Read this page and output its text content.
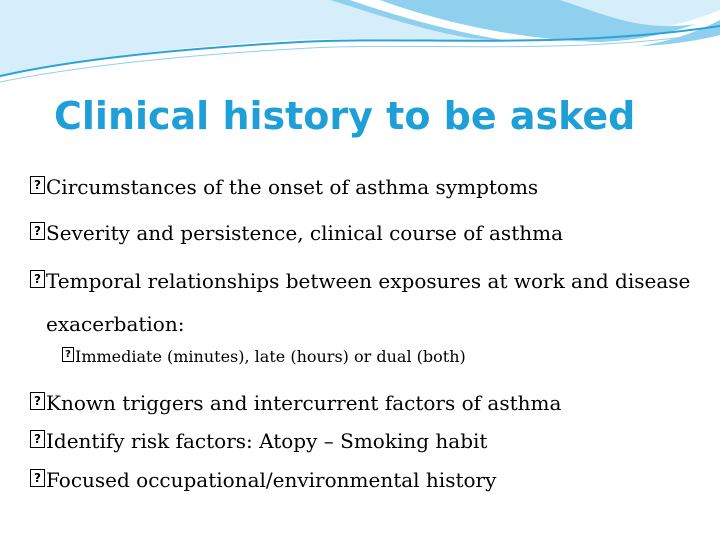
Clinical history to be asked
?
Circumstances of the onset of asthma symptoms
?
Severity and persistence, clinical course of asthma
?
Temporal relationships between exposures at work and disease
exacerbation:
?
Immediate (minutes), late (hours) or dual (both)
?
Known triggers and intercurrent factors of asthma
?
Identify risk factors: Atopy – Smoking habit
?
Focused occupational/environmental history
